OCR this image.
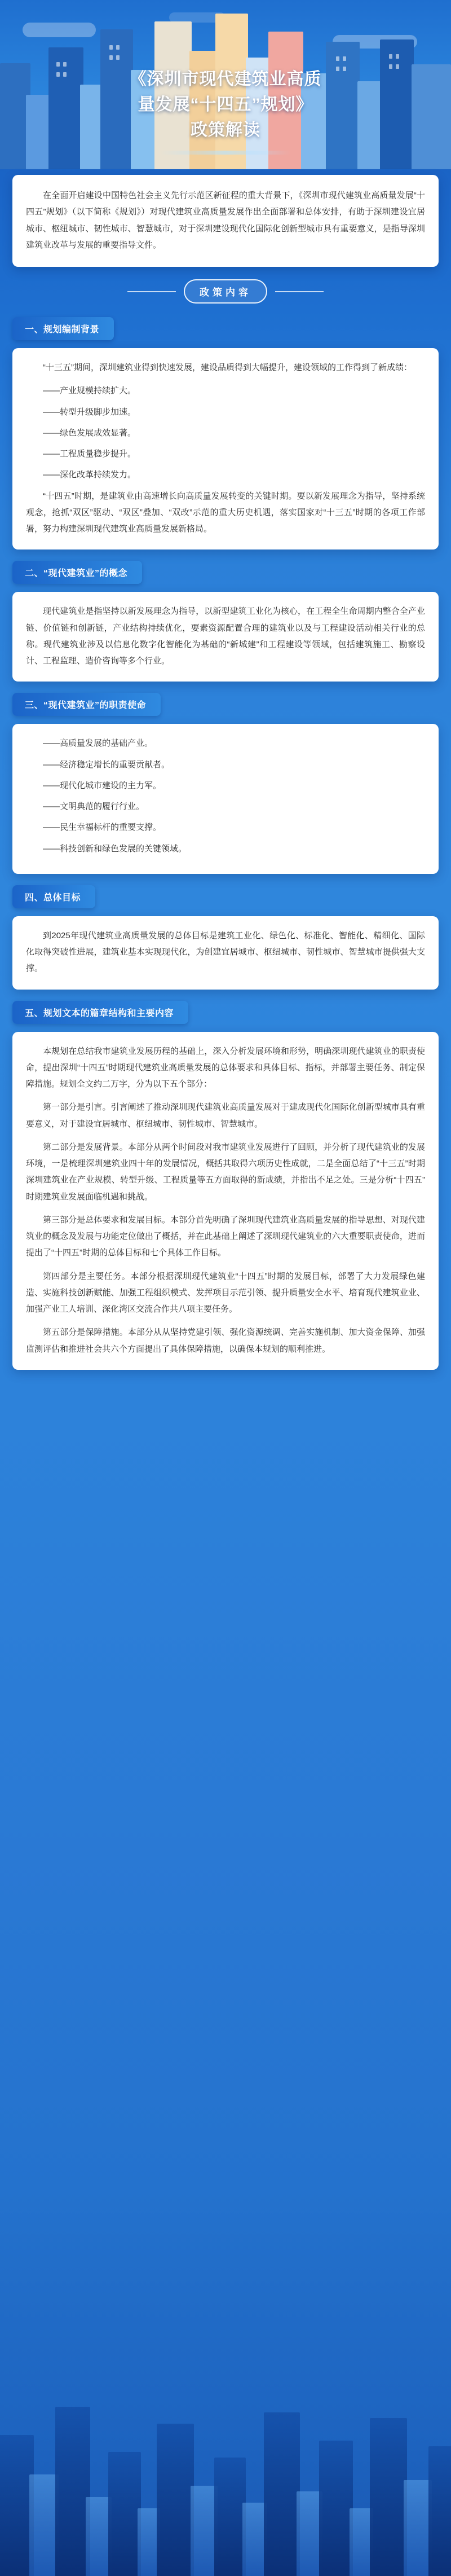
《深圳市现代建筑业高质
量发展“十四五”规划》
政策解读

在全面开启建设中国特色社会主义先行示范区新征程的重大背景下，《深圳市现代建筑业高质量发展“十四五”规划》（以下简称《规划》）对现代建筑业高质量发展作出全面部署和总体安排，有助于深圳建设宜居城市、枢纽城市、韧性城市、智慧城市，对于深圳建设现代化国际化创新型城市具有重要意义，是指导深圳建筑业改革与发展的重要指导文件。

政策内容
一、规划编制背景

“十三五”期间，深圳建筑业得到快速发展，建设品质得到大幅提升，建设领域的工作得到了新成绩：

——产业规模持续扩大。

——转型升级脚步加速。

——绿色发展成效显著。

——工程质量稳步提升。

——深化改革持续发力。

“十四五”时期，是建筑业由高速增长向高质量发展转变的关键时期。要以新发展理念为指导，坚持系统观念，抢抓“双区”驱动、“双区”叠加、“双改”示范的重大历史机遇，落实国家对“十三五”时期的各项工作部署，努力构建深圳现代建筑业高质量发展新格局。

二、“现代建筑业”的概念

现代建筑业是指坚持以新发展理念为指导，以新型建筑工业化为核心，在工程全生命周期内整合全产业链、价值链和创新链，产业结构持续优化，要素资源配置合理的建筑业以及与工程建设活动相关行业的总称。现代建筑业涉及以信息化数字化智能化为基础的“新城建”和工程建设等领域，包括建筑施工、勘察设计、工程监理、造价咨询等多个行业。

三、“现代建筑业”的职责使命

——高质量发展的基础产业。

——经济稳定增长的重要贡献者。

——现代化城市建设的主力军。

——文明典范的履行行业。

——民生幸福标杆的重要支撑。

——科技创新和绿色发展的关键领域。

四、总体目标

到2025年现代建筑业高质量发展的总体目标是建筑工业化、绿色化、标准化、智能化、精细化、国际化取得突破性进展，建筑业基本实现现代化，为创建宜居城市、枢纽城市、韧性城市、智慧城市提供强大支撑。

五、规划文本的篇章结构和主要内容

本规划在总结我市建筑业发展历程的基础上，深入分析发展环境和形势，明确深圳现代建筑业的职责使命，提出深圳“十四五”时期现代建筑业高质量发展的总体要求和具体目标、指标，并部署主要任务、制定保障措施。规划全文约二万字，分为以下五个部分：

第一部分是引言。引言阐述了推动深圳现代建筑业高质量发展对于建成现代化国际化创新型城市具有重要意义，对于建设宜居城市、枢纽城市、韧性城市、智慧城市。

第二部分是发展背景。本部分从两个时间段对我市建筑业发展进行了回顾，并分析了现代建筑业的发展环境，一是梳理深圳建筑业四十年的发展情况，概括其取得六项历史性成就，二是全面总结了“十三五”时期深圳建筑业在产业规模、转型升级、工程质量等五方面取得的新成绩，并指出不足之处。三是分析“十四五”时期建筑业发展面临机遇和挑战。

第三部分是总体要求和发展目标。本部分首先明确了深圳现代建筑业高质量发展的指导思想、对现代建筑业的概念及发展与功能定位做出了概括，并在此基础上阐述了深圳现代建筑业的六大重要职责使命，进而提出了“十四五”时期的总体目标和七个具体工作目标。

第四部分是主要任务。本部分根据深圳现代建筑业“十四五”时期的发展目标，部署了大力发展绿色建造、实施科技创新赋能、加强工程组织模式、发挥项目示范引领、提升质量安全水平、培育现代建筑业业、加强产业工人培训、深化湾区交流合作共八项主要任务。

第五部分是保障措施。本部分从从坚持党建引领、强化资源统调、完善实施机制、加大资金保障、加强监测评估和推进社会共六个方面提出了具体保障措施，以确保本规划的顺利推进。
